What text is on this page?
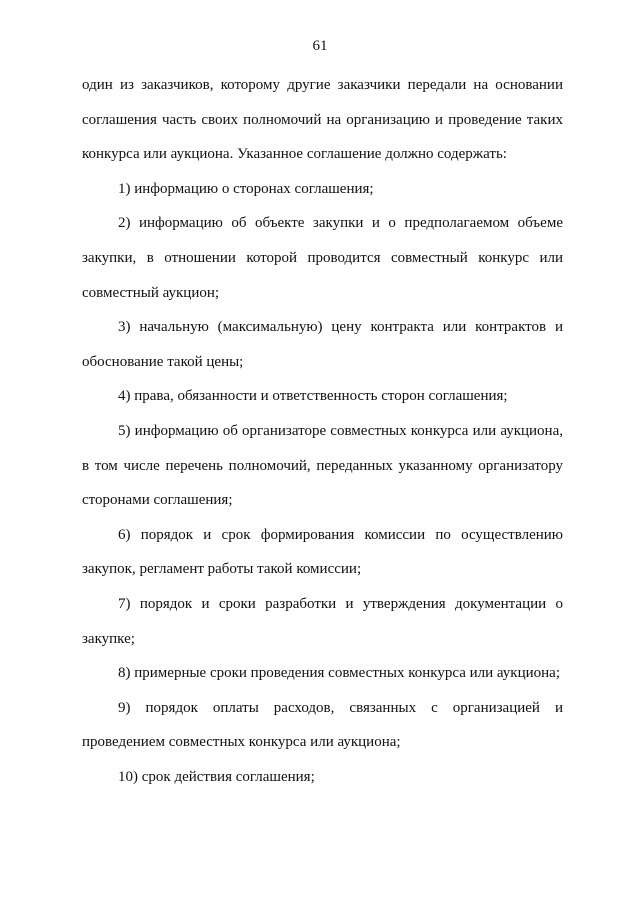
61

один из заказчиков, которому другие заказчики передали на основании соглашения часть своих полномочий на организацию и проведение таких конкурса или аукциона. Указанное соглашение должно содержать:

1) информацию о сторонах соглашения;

2) информацию об объекте закупки и о предполагаемом объеме закупки, в отношении которой проводится совместный конкурс или совместный аукцион;

3) начальную (максимальную) цену контракта или контрактов и обоснование такой цены;

4) права, обязанности и ответственность сторон соглашения;

5) информацию об организаторе совместных конкурса или аукциона, в том числе перечень полномочий, переданных указанному организатору сторонами соглашения;

6) порядок и срок формирования комиссии по осуществлению закупок, регламент работы такой комиссии;

7) порядок и сроки разработки и утверждения документации о закупке;

8) примерные сроки проведения совместных конкурса или аукциона;

9) порядок оплаты расходов, связанных с организацией и проведением совместных конкурса или аукциона;

10) срок действия соглашения;
